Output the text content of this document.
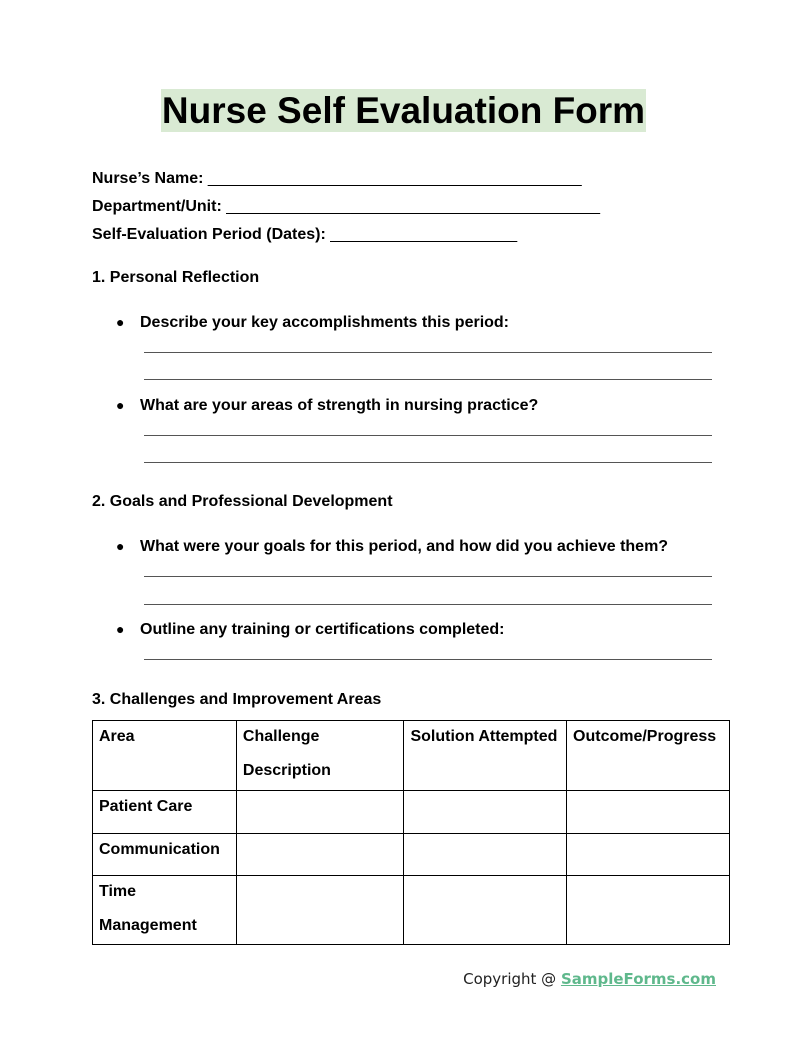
Nurse Self Evaluation Form
Nurse’s Name: __________________________________________
Department/Unit: __________________________________________
Self-Evaluation Period (Dates): _____________________
1. Personal Reflection
● Describe your key accomplishments this period:
● What are your areas of strength in nursing practice?
2. Goals and Professional Development
● What were your goals for this period, and how did you achieve them?
● Outline any training or certifications completed:
3. Challenges and Improvement Areas
Area	Challenge Description	Solution Attempted	Outcome/Progress

Patient Care			

Communication			

Time Management			

Copyright @ SampleForms.com
